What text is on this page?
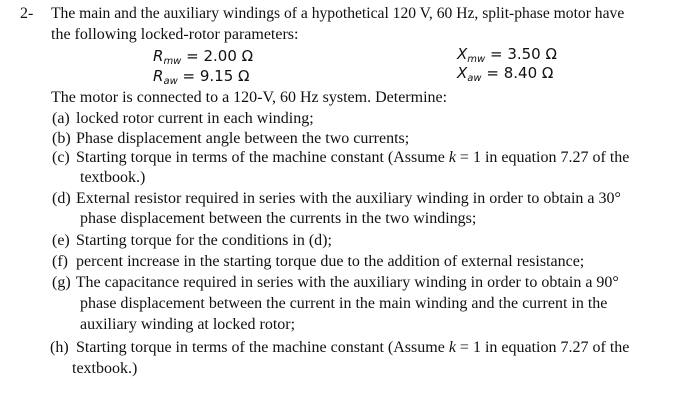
2- The main and the auxiliary windings of a hypothetical 120 V, 60 Hz, split-phase motor have
the following locked-rotor parameters:
$R_{mw} = 2.00$ Ω	$X_{mw} = 3.50$ Ω
$R_{aw} = 9.15$ Ω	$X_{aw} = 8.40$ Ω
The motor is connected to a 120-V, 60 Hz system. Determine:
(a) locked rotor current in each winding;
(b) Phase displacement angle between the two currents;
(c) Starting torque in terms of the machine constant (Assume k = 1 in equation 7.27 of the
textbook.)
(d) External resistor required in series with the auxiliary winding in order to obtain a 30°
phase displacement between the currents in the two windings;
(e) Starting torque for the conditions in (d);
(f) percent increase in the starting torque due to the addition of external resistance;
(g) The capacitance required in series with the auxiliary winding in order to obtain a 90°
phase displacement between the current in the main winding and the current in the
auxiliary winding at locked rotor;
(h) Starting torque in terms of the machine constant (Assume k = 1 in equation 7.27 of the
textbook.)
